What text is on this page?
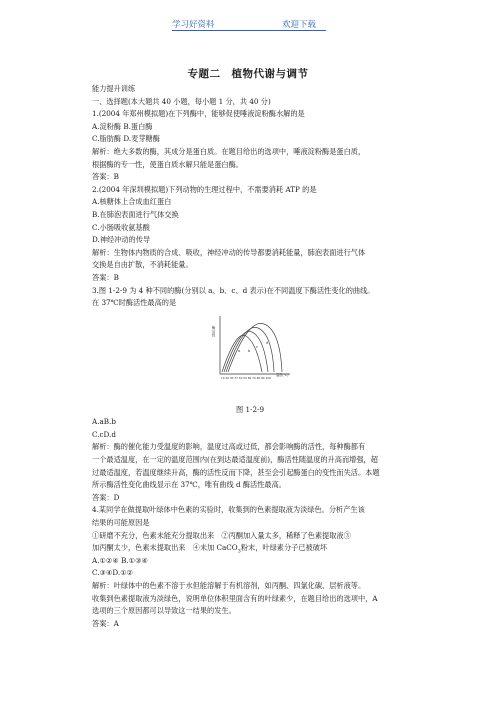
学习好资料	欢迎下载
专题二　植物代谢与调节
能力提升训练
一、选择题(本大题共 40 小题，每小题 1 分，共 40 分)
1.(2004 年郑州模拟题)在下列酶中，能够促使唾液淀粉酶水解的是
A.淀粉酶 B.蛋白酶
C.脂肪酶 D.麦芽糖酶
解析：绝大多数的酶，其成分是蛋白质。在题目给出的选项中，唾液淀粉酶是蛋白质，
根据酶的专一性，使蛋白质水解只能是蛋白酶。
答案：B
2.(2004 年深圳模拟题)下列动物的生理过程中，不需要消耗 ATP 的是
A.核糖体上合成血红蛋白
B.在肺泡表面进行气体交换
C.小肠吸收氨基酸
D.神经冲动的传导
解析：生物体内物质的合成、吸收，神经冲动的传导都要消耗能量，肺泡表面进行气体
交换是自由扩散，不消耗能量。
答案：B
3.图 1-2-9 为 4 种不同的酶(分别以 a、b、c、d 表示)在不同温度下酶活性变化的曲线。
在 37℃时酶活性最高的是
酶活性
a b
c
d
10 20 30 37 40 50 60 70 80 90 100
温度(℃)
图 1-2-9
A.aB.b
C.cD.d
解析：酶的催化能力受温度的影响，温度过高或过低，都会影响酶的活性，每种酶都有
一个最适温度，在一定的温度范围内(在到达最适温度前)，酶活性随温度的升高而增强，超
过最适温度，若温度继续升高，酶的活性反而下降，甚至会引起酶蛋白的变性而失活。本题
所示酶活性变化曲线显示在 37℃，唯有曲线 d 酶活性最高。
答案：D
4.某同学在做提取叶绿体中色素的实验时，收集到的色素提取液为淡绿色。分析产生该
结果的可能原因是
①研磨不充分，色素未能充分提取出来　②丙酮加入量太多，稀释了色素提取液③
加丙酮太少，色素未提取出来　④未加 CaCO$_3$粉末，叶绿素分子已被破坏
A.①②④ B.①③④
C.③④D.①②
解析：叶绿体中的色素不溶于水但能溶解于有机溶剂，如丙酮、四氯化碳、层析液等。
收集到色素提取液为淡绿色，说明单位体积里面含有的叶绿素少，在题目给出的选项中，A
选项的三个原因都可以导致这一结果的发生。
答案：A
